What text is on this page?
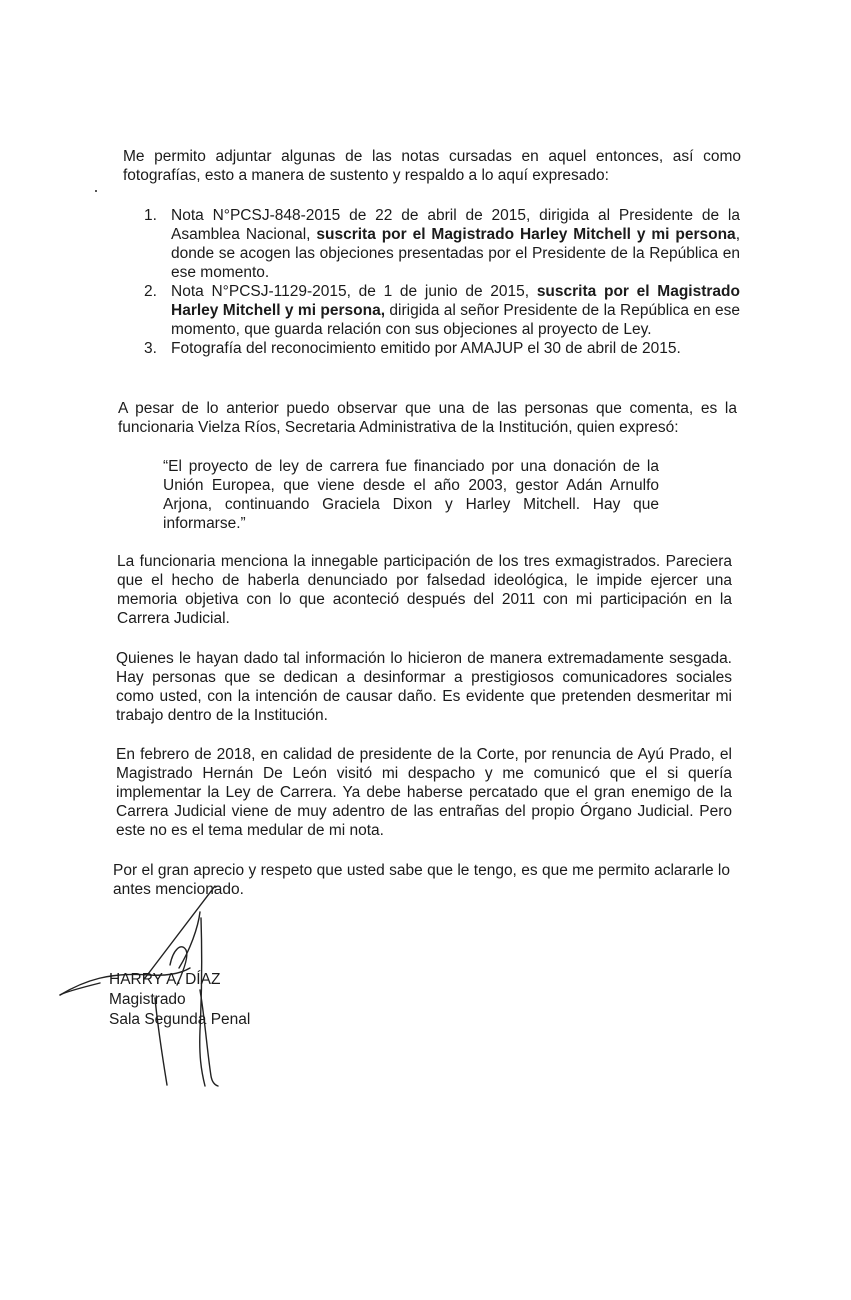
Me permito adjuntar algunas de las notas cursadas en aquel entonces, así como fotografías, esto a manera de sustento y respaldo a lo aquí expresado:

1. Nota N°PCSJ-848-2015 de 22 de abril de 2015, dirigida al Presidente de la Asamblea Nacional, suscrita por el Magistrado Harley Mitchell y mi persona, donde se acogen las objeciones presentadas por el Presidente de la República en ese momento.
2. Nota N°PCSJ-1129-2015, de 1 de junio de 2015, suscrita por el Magistrado Harley Mitchell y mi persona, dirigida al señor Presidente de la República en ese momento, que guarda relación con sus objeciones al proyecto de Ley.
3. Fotografía del reconocimiento emitido por AMAJUP el 30 de abril de 2015.

A pesar de lo anterior puedo observar que una de las personas que comenta, es la funcionaria Vielza Ríos, Secretaria Administrativa de la Institución, quien expresó:

“El proyecto de ley de carrera fue financiado por una donación de la Unión Europea, que viene desde el año 2003, gestor Adán Arnulfo Arjona, continuando Graciela Dixon y Harley Mitchell. Hay que informarse.”

La funcionaria menciona la innegable participación de los tres exmagistrados. Pareciera que el hecho de haberla denunciado por falsedad ideológica, le impide ejercer una memoria objetiva con lo que aconteció después del 2011 con mi participación en la Carrera Judicial.

Quienes le hayan dado tal información lo hicieron de manera extremadamente sesgada. Hay personas que se dedican a desinformar a prestigiosos comunicadores sociales como usted, con la intención de causar daño. Es evidente que pretenden desmeritar mi trabajo dentro de la Institución.

En febrero de 2018, en calidad de presidente de la Corte, por renuncia de Ayú Prado, el Magistrado Hernán De León visitó mi despacho y me comunicó que el si quería implementar la Ley de Carrera. Ya debe haberse percatado que el gran enemigo de la Carrera Judicial viene de muy adentro de las entrañas del propio Órgano Judicial. Pero este no es el tema medular de mi nota.

Por el gran aprecio y respeto que usted sabe que le tengo, es que me permito aclararle lo antes mencionado.

HARRY A. DÍAZ

Magistrado

Sala Segunda Penal
